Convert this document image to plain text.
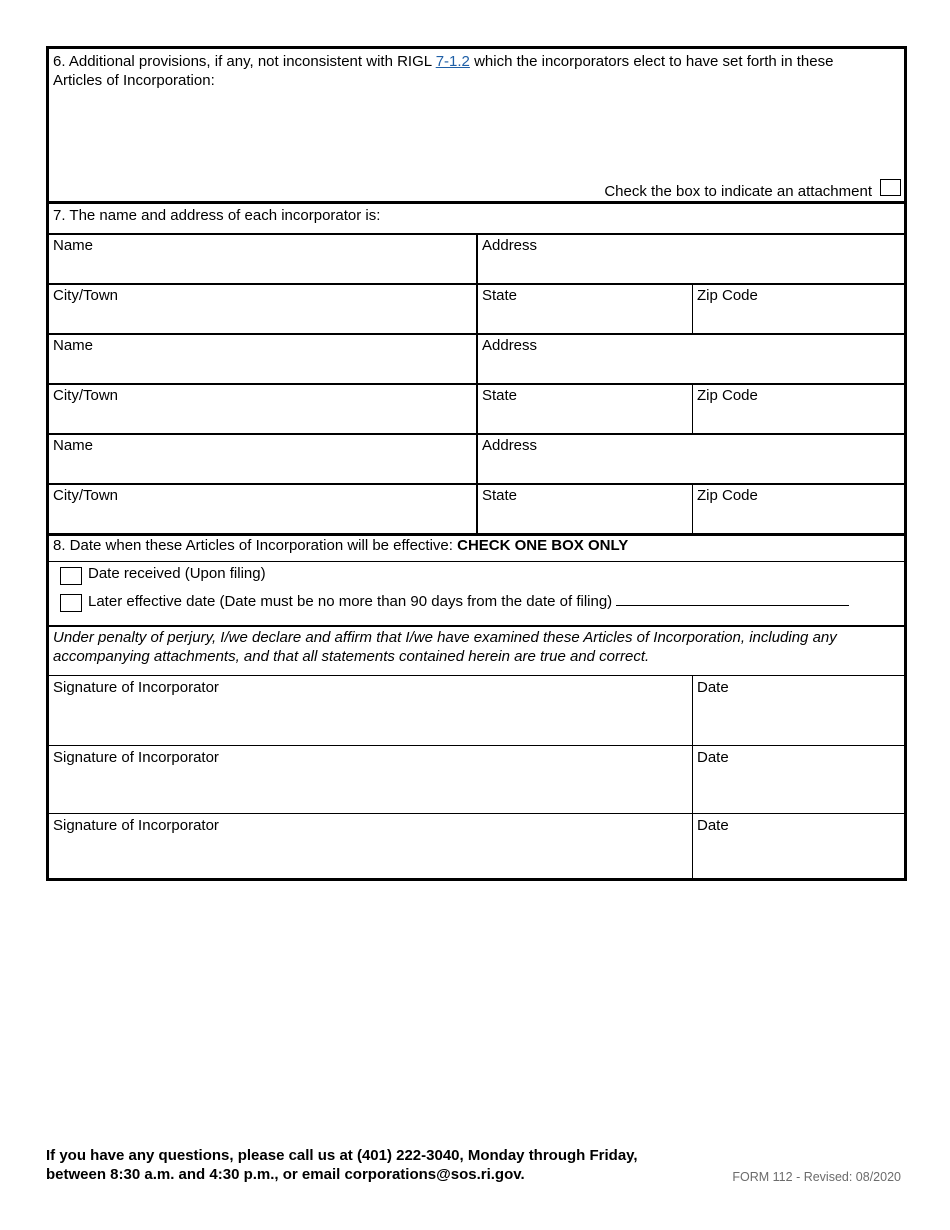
6. Additional provisions, if any, not inconsistent with RIGL 7-1.2 which the incorporators elect to have set forth in these
Articles of Incorporation:
Check the box to indicate an attachment
7. The name and address of each incorporator is:
Name	Address
City/Town	State	Zip Code
Name	Address
City/Town	State	Zip Code
Name	Address
City/Town	State	Zip Code
8. Date when these Articles of Incorporation will be effective: CHECK ONE BOX ONLY
Date received (Upon filing)
Later effective date (Date must be no more than 90 days from the date of filing)
Under penalty of perjury, I/we declare and affirm that I/we have examined these Articles of Incorporation, including any
accompanying attachments, and that all statements contained herein are true and correct.
Signature of Incorporator	Date
Signature of Incorporator	Date
Signature of Incorporator	Date
If you have any questions, please call us at (401) 222-3040, Monday through Friday,
between 8:30 a.m. and 4:30 p.m., or email corporations@sos.ri.gov.	FORM 112 - Revised: 08/2020
